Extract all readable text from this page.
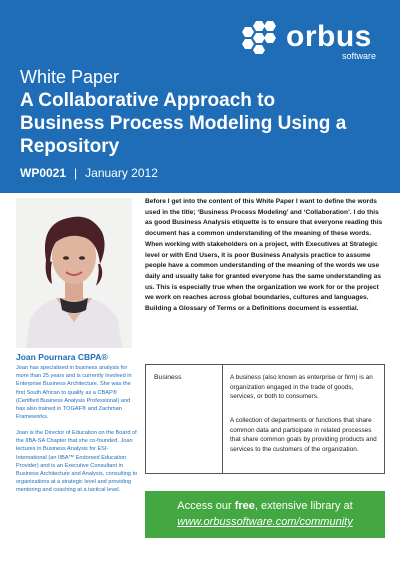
orbus
software
White Paper
A Collaborative Approach to Business Process Modeling Using a Repository
WP0021 | January 2012
Joan Pournara CBPA®
Joan has specialised in business analysis for more than 25 years and is currently involved in Enterprise Business Architecture. She was the first South African to qualify as a CBAP® (Certified Business Analysis Professional) and has also trained in TOGAF® and Zachman Frameworks.
Joan is the Director of Education on the Board of the IIBA-SA Chapter that she co-founded. Joan lectures in Business Analysis for ESI-International (an IIBA™ Endorsed Education Provider) and is an Executive Consultant in Business Architecture and Analysis, consulting to organizations at a strategic level and providing mentoring and coaching at a tactical level.
Before I get into the content of this White Paper I want to define the words used in the title; ‘Business Process Modeling’ and ‘Collaboration’. I do this as good Business Analysis etiquette is to ensure that everyone reading this document has a common understanding of the meaning of these words. When working with stakeholders on a project, with Executives at Strategic level or with End Users, it is poor Business Analysis practice to assume people have a common understanding of the meaning of the words we use daily and usually take for granted everyone has the same understanding as us. This is especially true when the organization we work for or the project we work on reaches across global boundaries, cultures and languages. Building a Glossary of Terms or a Definitions document is essential.
Business	A business (also known as enterprise or firm) is an organization engaged in the trade of goods, services, or both to consumers.
A collection of departments or functions that share common data and participate in related processes that share common goals by providing products and services to the customers of the organization.
Access our free, extensive library at
www.orbussoftware.com/community
